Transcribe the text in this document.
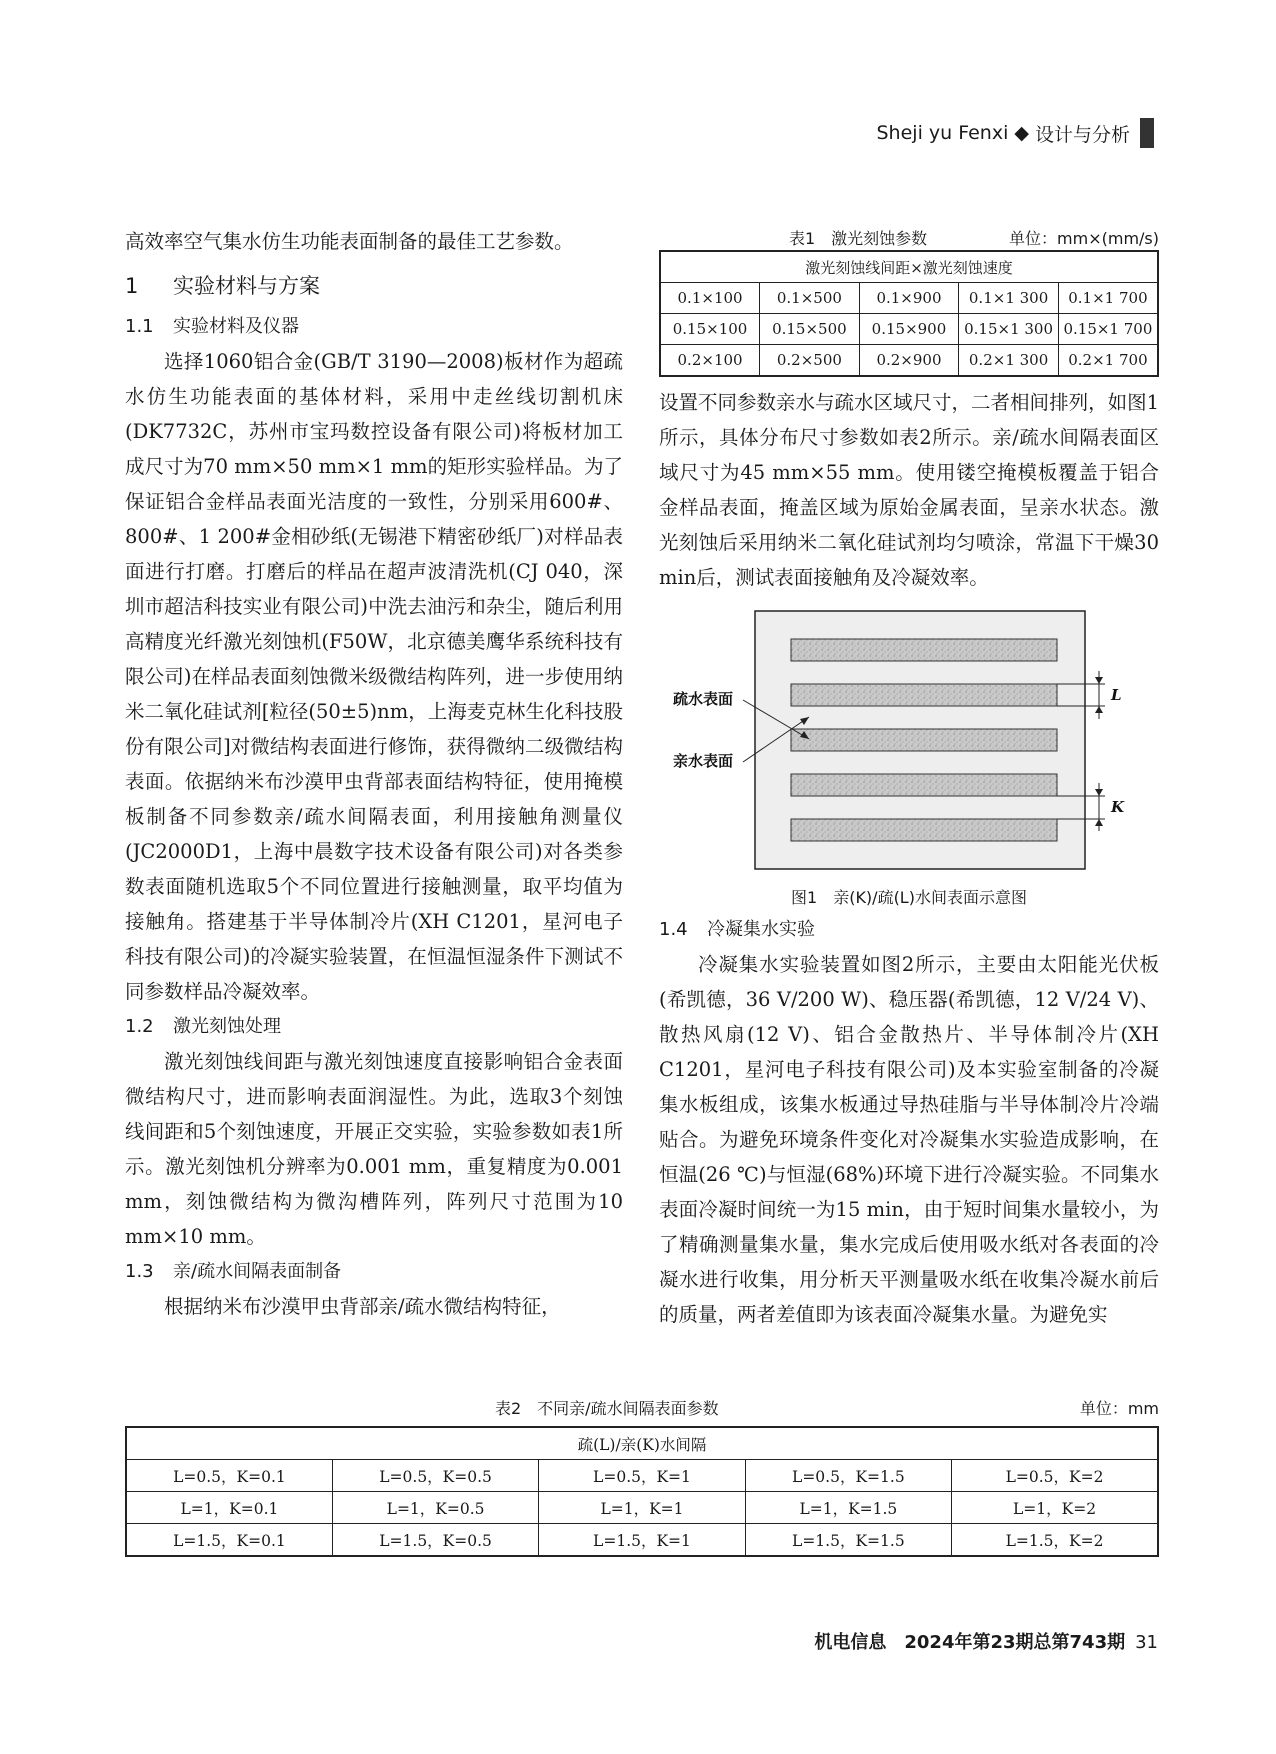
Sheji yu Fenxi ◆ 设计与分析

高效率空气集水仿生功能表面制备的最佳工艺参数。

1 实验材料与方案

1.1 实验材料及仪器

选择1060铝合金(GB/T 3190—2008)板材作为超疏水仿生功能表面的基体材料，采用中走丝线切割机床(DK7732C，苏州市宝玛数控设备有限公司)将板材加工成尺寸为70 mm×50 mm×1 mm的矩形实验样品。为了保证铝合金样品表面光洁度的一致性，分别采用600#、800#、1 200#金相砂纸(无锡港下精密砂纸厂)对样品表面进行打磨。打磨后的样品在超声波清洗机(CJ 040，深圳市超洁科技实业有限公司)中洗去油污和杂尘，随后利用高精度光纤激光刻蚀机(F50W，北京德美鹰华系统科技有限公司)在样品表面刻蚀微米级微结构阵列，进一步使用纳米二氧化硅试剂[粒径(50±5)nm，上海麦克林生化科技股份有限公司]对微结构表面进行修饰，获得微纳二级微结构表面。依据纳米布沙漠甲虫背部表面结构特征，使用掩模板制备不同参数亲/疏水间隔表面，利用接触角测量仪(JC2000D1，上海中晨数字技术设备有限公司)对各类参数表面随机选取5个不同位置进行接触测量，取平均值为接触角。搭建基于半导体制冷片(XH C1201，星河电子科技有限公司)的冷凝实验装置，在恒温恒湿条件下测试不同参数样品冷凝效率。

1.2 激光刻蚀处理

激光刻蚀线间距与激光刻蚀速度直接影响铝合金表面微结构尺寸，进而影响表面润湿性。为此，选取3个刻蚀线间距和5个刻蚀速度，开展正交实验，实验参数如表1所示。激光刻蚀机分辨率为0.001 mm，重复精度为0.001 mm，刻蚀微结构为微沟槽阵列，阵列尺寸范围为10 mm×10 mm。

1.3 亲/疏水间隔表面制备

根据纳米布沙漠甲虫背部亲/疏水微结构特征，

表1　激光刻蚀参数	单位：mm×(mm/s)
激光刻蚀线间距×激光刻蚀速度				
0.1×100	0.1×500	0.1×900	0.1×1 300	0.1×1 700
0.15×100	0.15×500	0.15×900	0.15×1 300	0.15×1 700
0.2×100	0.2×500	0.2×900	0.2×1 300	0.2×1 700

设置不同参数亲水与疏水区域尺寸，二者相间排列，如图1所示，具体分布尺寸参数如表2所示。亲/疏水间隔表面区域尺寸为45 mm×55 mm。使用镂空掩模板覆盖于铝合金样品表面，掩盖区域为原始金属表面，呈亲水状态。激光刻蚀后采用纳米二氧化硅试剂均匀喷涂，常温下干燥30 min后，测试表面接触角及冷凝效率。

L
K
疏水表面
亲水表面
图1　亲(K)/疏(L)水间表面示意图

1.4 冷凝集水实验

冷凝集水实验装置如图2所示，主要由太阳能光伏板(希凯德，36 V/200 W)、稳压器(希凯德，12 V/24 V)、散热风扇(12 V)、铝合金散热片、半导体制冷片(XH C1201，星河电子科技有限公司)及本实验室制备的冷凝集水板组成，该集水板通过导热硅脂与半导体制冷片冷端贴合。为避免环境条件变化对冷凝集水实验造成影响，在恒温(26 ℃)与恒湿(68%)环境下进行冷凝实验。不同集水表面冷凝时间统一为15 min，由于短时间集水量较小，为了精确测量集水量，集水完成后使用吸水纸对各表面的冷凝水进行收集，用分析天平测量吸水纸在收集冷凝水前后的质量，两者差值即为该表面冷凝集水量。为避免实

表2　不同亲/疏水间隔表面参数	单位：mm
疏(L)/亲(K)水间隔				
L=0.5，K=0.1	L=0.5，K=0.5	L=0.5，K=1	L=0.5，K=1.5	L=0.5，K=2
L=1，K=0.1	L=1，K=0.5	L=1，K=1	L=1，K=1.5	L=1，K=2
L=1.5，K=0.1	L=1.5，K=0.5	L=1.5，K=1	L=1.5，K=1.5	L=1.5，K=2
机电信息　2024年第23期总第743期 31
